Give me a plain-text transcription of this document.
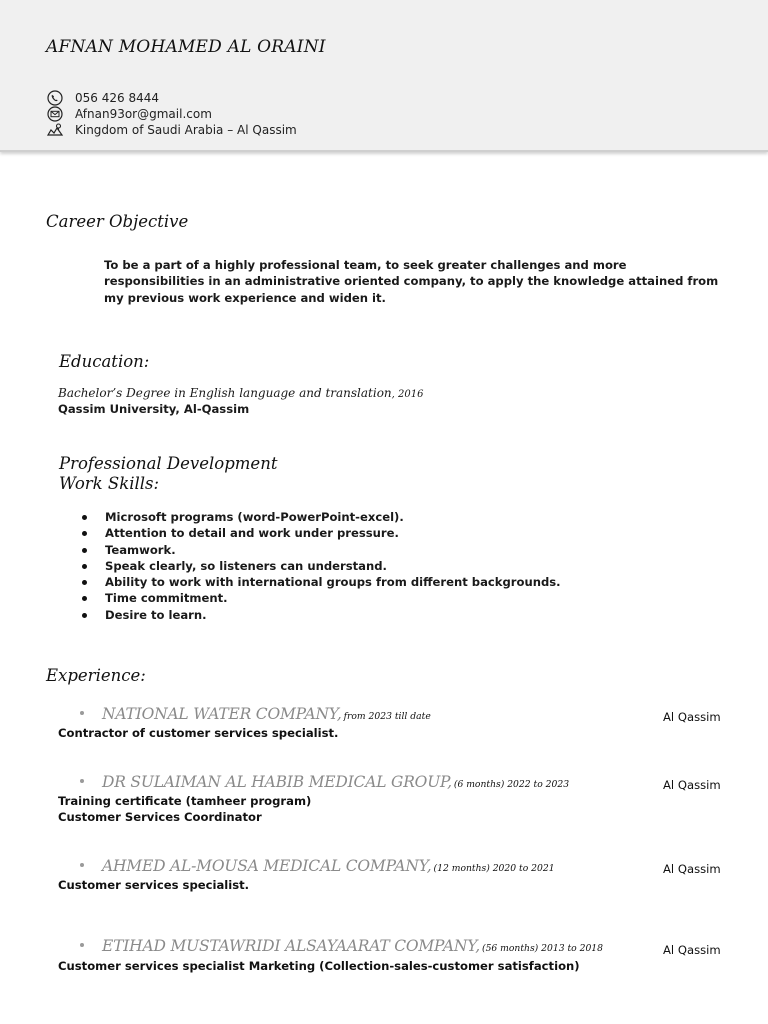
AFNAN MOHAMED AL ORAINI
056 426 8444
Afnan93or@gmail.com
Kingdom of Saudi Arabia – Al Qassim
Career Objective
To be a part of a highly professional team, to seek greater challenges and more responsibilities in an administrative oriented company, to apply the knowledge attained from my previous work experience and widen it.
Education:
Bachelor’s Degree in English language and translation, 2016
Qassim University, Al-Qassim
Professional Development
Work Skills:
Microsoft programs (word-PowerPoint-excel).
Attention to detail and work under pressure.
Teamwork.
Speak clearly, so listeners can understand.
Ability to work with international groups from different backgrounds.
Time commitment.
Desire to learn.
Experience:
NATIONAL WATER COMPANY, from 2023 till date	Al Qassim
Contractor of customer services specialist.
DR SULAIMAN AL HABIB MEDICAL GROUP, (6 months) 2022 to 2023	Al Qassim
Training certificate (tamheer program)
Customer Services Coordinator
AHMED AL-MOUSA MEDICAL COMPANY, (12 months) 2020 to 2021	Al Qassim
Customer services specialist.
ETIHAD MUSTAWRIDI ALSAYAARAT COMPANY, (56 months) 2013 to 2018	Al Qassim
Customer services specialist Marketing (Collection-sales-customer satisfaction)
